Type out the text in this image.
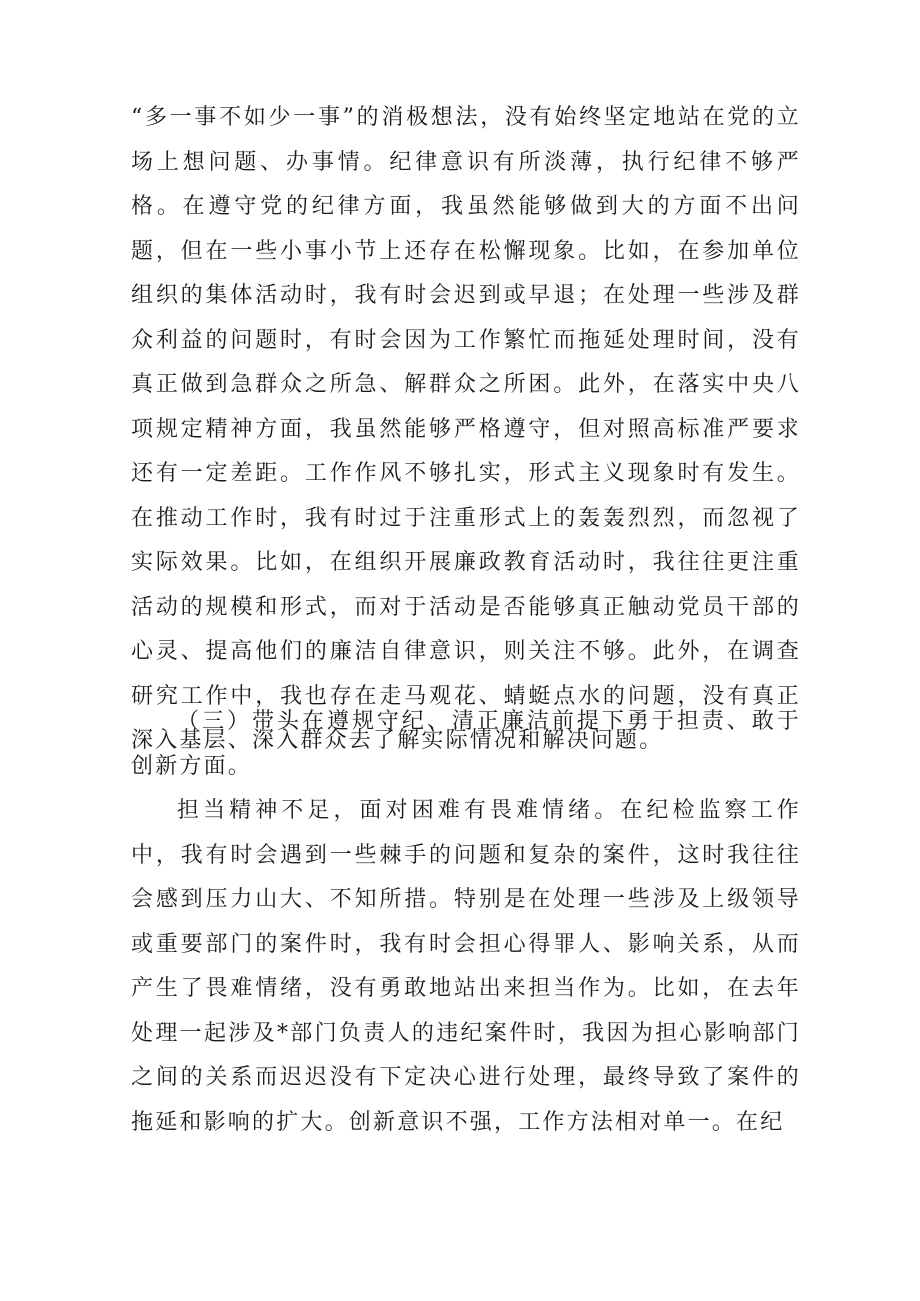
“多一事不如少一事”的消极想法，没有始终坚定地站在党的立场上想问题、办事情。纪律意识有所淡薄，执行纪律不够严格。在遵守党的纪律方面，我虽然能够做到大的方面不出问题，但在一些小事小节上还存在松懈现象。比如，在参加单位组织的集体活动时，我有时会迟到或早退；在处理一些涉及群众利益的问题时，有时会因为工作繁忙而拖延处理时间，没有真正做到急群众之所急、解群众之所困。此外，在落实中央八项规定精神方面，我虽然能够严格遵守，但对照高标准严要求还有一定差距。工作作风不够扎实，形式主义现象时有发生。在推动工作时，我有时过于注重形式上的轰轰烈烈，而忽视了实际效果。比如，在组织开展廉政教育活动时，我往往更注重活动的规模和形式，而对于活动是否能够真正触动党员干部的心灵、提高他们的廉洁自律意识，则关注不够。此外，在调查研究工作中，我也存在走马观花、蜻蜓点水的问题，没有真正深入基层、深入群众去了解实际情况和解决问题。

（三）带头在遵规守纪、清正廉洁前提下勇于担责、敢于创新方面。

担当精神不足，面对困难有畏难情绪。在纪检监察工作中，我有时会遇到一些棘手的问题和复杂的案件，这时我往往会感到压力山大、不知所措。特别是在处理一些涉及上级领导或重要部门的案件时，我有时会担心得罪人、影响关系，从而产生了畏难情绪，没有勇敢地站出来担当作为。比如，在去年处理一起涉及*部门负责人的违纪案件时，我因为担心影响部门之间的关系而迟迟没有下定决心进行处理，最终导致了案件的拖延和影响的扩大。创新意识不强，工作方法相对单一。在纪
